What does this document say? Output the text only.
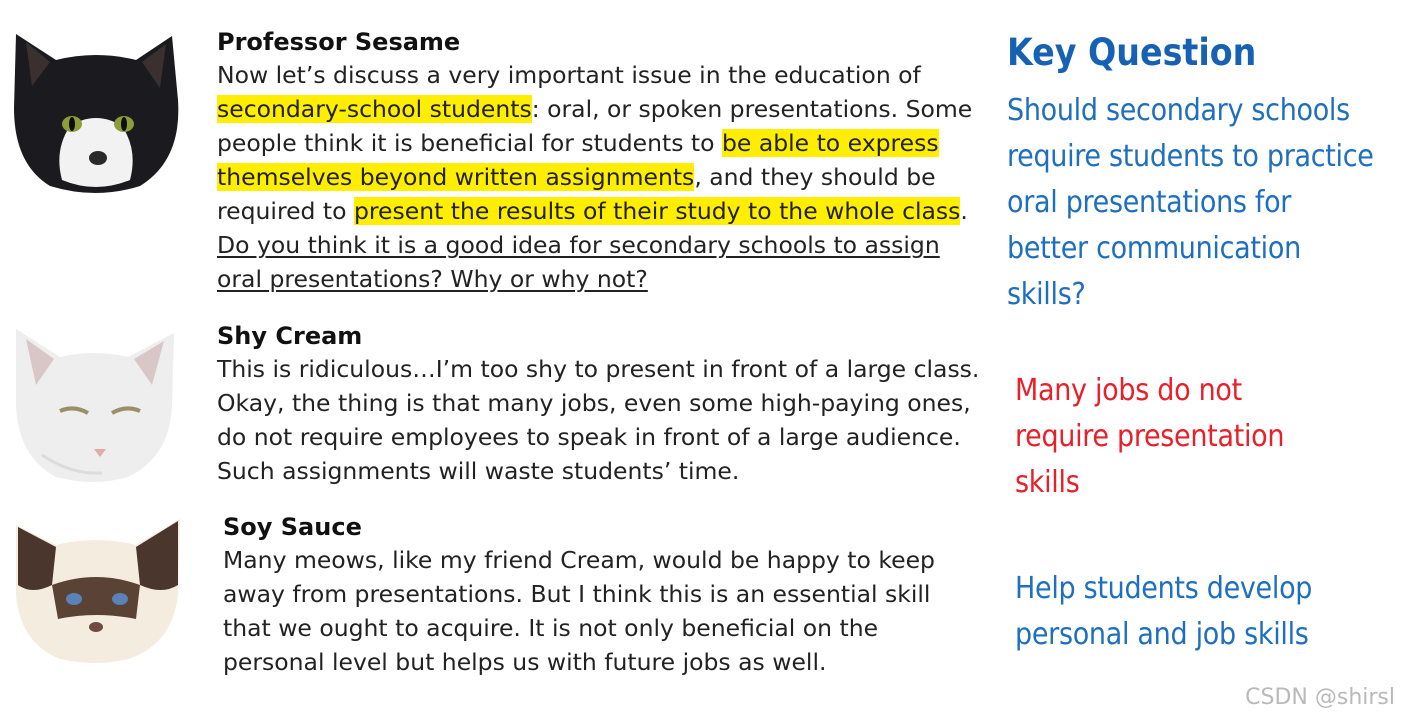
Professor Sesame
Now let’s discuss a very important issue in the education of secondary-school students: oral, or spoken presentations. Some people think it is beneficial for students to be able to express themselves beyond written assignments, and they should be required to present the results of their study to the whole class. Do you think it is a good idea for secondary schools to assign oral presentations? Why or why not?
Shy Cream
This is ridiculous…I’m too shy to present in front of a large class. Okay, the thing is that many jobs, even some high-paying ones, do not require employees to speak in front of a large audience. Such assignments will waste students’ time.
Soy Sauce
Many meows, like my friend Cream, would be happy to keep away from presentations. But I think this is an essential skill that we ought to acquire. It is not only beneficial on the personal level but helps us with future jobs as well.
Key Question
Should secondary schools require students to practice oral presentations for better communication skills?
Many jobs do not require presentation skills
Help students develop personal and job skills
CSDN @shirsl
